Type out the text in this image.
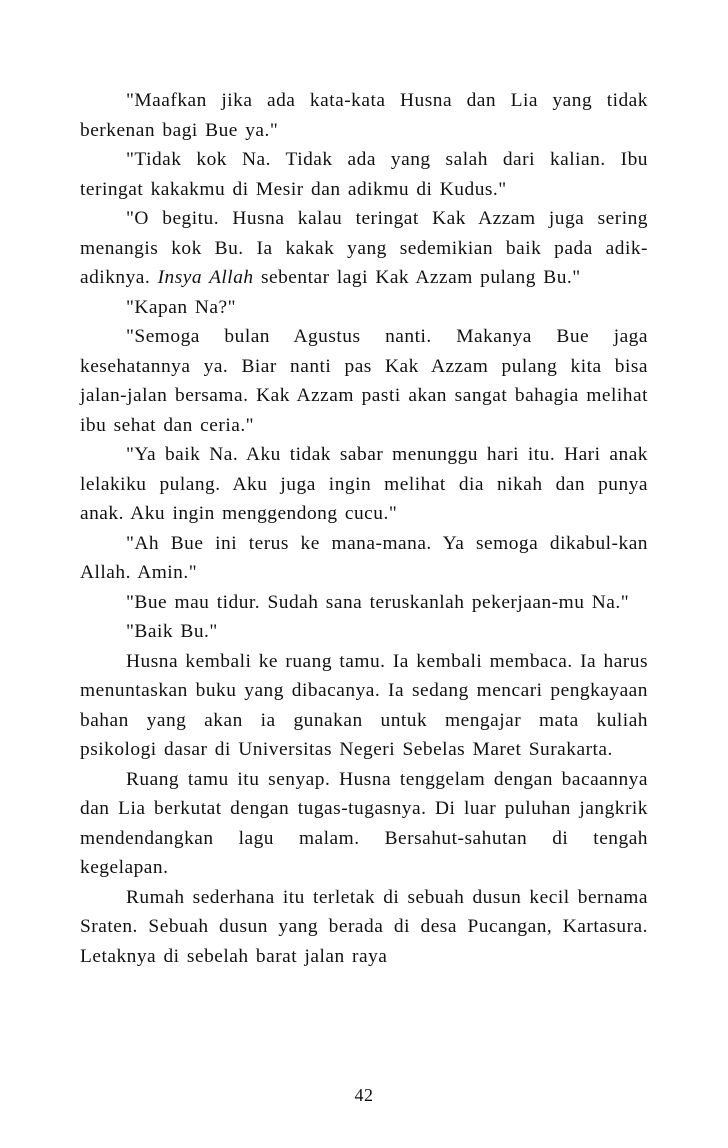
"Maafkan jika ada kata-kata Husna dan Lia yang tidak berkenan bagi Bue ya."

"Tidak kok Na. Tidak ada yang salah dari kalian. Ibu teringat kakakmu di Mesir dan adikmu di Kudus."

"O begitu. Husna kalau teringat Kak Azzam juga sering menangis kok Bu. Ia kakak yang sedemikian baik pada adik-adiknya. Insya Allah sebentar lagi Kak Azzam pulang Bu."

"Kapan Na?"

"Semoga bulan Agustus nanti. Makanya Bue jaga kesehatannya ya. Biar nanti pas Kak Azzam pulang kita bisa jalan-jalan bersama. Kak Azzam pasti akan sangat bahagia melihat ibu sehat dan ceria."

"Ya baik Na. Aku tidak sabar menunggu hari itu. Hari anak lelakiku pulang. Aku juga ingin melihat dia nikah dan punya anak. Aku ingin menggendong cucu."

"Ah Bue ini terus ke mana-mana. Ya semoga dikabul-kan Allah. Amin."

"Bue mau tidur. Sudah sana teruskanlah pekerjaan-mu Na."

"Baik Bu."

Husna kembali ke ruang tamu. Ia kembali membaca. Ia harus menuntaskan buku yang dibacanya. Ia sedang mencari pengkayaan bahan yang akan ia gunakan untuk mengajar mata kuliah psikologi dasar di Universitas Negeri Sebelas Maret Surakarta.

Ruang tamu itu senyap. Husna tenggelam dengan bacaannya dan Lia berkutat dengan tugas-tugasnya. Di luar puluhan jangkrik mendendangkan lagu malam. Bersahut-sahutan di tengah kegelapan.

Rumah sederhana itu terletak di sebuah dusun kecil bernama Sraten. Sebuah dusun yang berada di desa Pucangan, Kartasura. Letaknya di sebelah barat jalan raya

42
